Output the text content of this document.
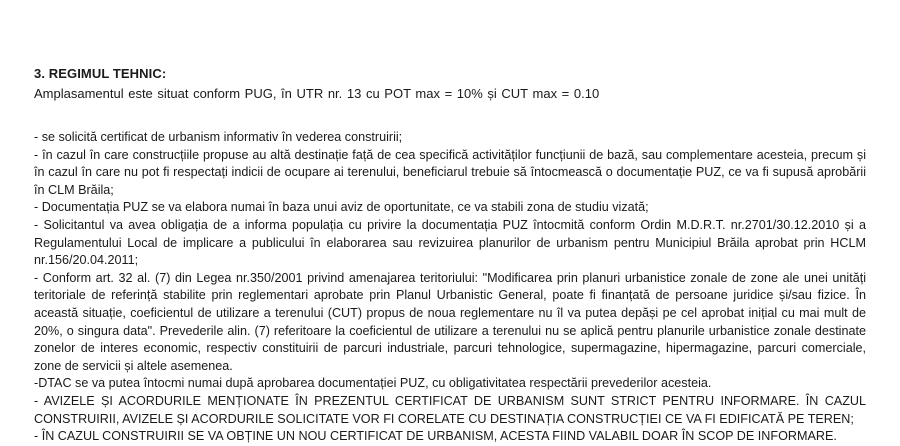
3. REGIMUL TEHNIC:
Amplasamentul este situat conform PUG, în UTR nr. 13 cu POT max = 10% și CUT max = 0.10

- se solicită certificat de urbanism informativ în vederea construirii;

- în cazul în care construcțiile propuse au altă destinație față de cea specifică activităților funcțiunii de bază, sau complementare acesteia, precum și în cazul în care nu pot fi respectați indicii de ocupare ai terenului, beneficiarul trebuie să întocmească o documentație PUZ, ce va fi supusă aprobării în CLM Brăila;

- Documentația PUZ se va elabora numai în baza unui aviz de oportunitate, ce va stabili zona de studiu vizată;

- Solicitantul va avea obligația de a informa populația cu privire la documentația PUZ întocmită conform Ordin M.D.R.T. nr.2701/30.12.2010 și a Regulamentului Local de implicare a publicului în elaborarea sau revizuirea planurilor de urbanism pentru Municipiul Brăila aprobat prin HCLM nr.156/20.04.2011;

- Conform art. 32 al. (7) din Legea nr.350/2001 privind amenajarea teritoriului: "Modificarea prin planuri urbanistice zonale de zone ale unei unități teritoriale de referință stabilite prin reglementari aprobate prin Planul Urbanistic General, poate fi finanțată de persoane juridice și/sau fizice. În această situație, coeficientul de utilizare a terenului (CUT) propus de noua reglementare nu îl va putea depăși pe cel aprobat inițial cu mai mult de 20%, o singura data". Prevederile alin. (7) referitoare la coeficientul de utilizare a terenului nu se aplică pentru planurile urbanistice zonale destinate zonelor de interes economic, respectiv constituirii de parcuri industriale, parcuri tehnologice, supermagazine, hipermagazine, parcuri comerciale, zone de servicii și altele asemenea.

-DTAC se va putea întocmi numai după aprobarea documentației PUZ, cu obligativitatea respectării prevederilor acesteia.

- AVIZELE ȘI ACORDURILE MENȚIONATE ÎN PREZENTUL CERTIFICAT DE URBANISM SUNT STRICT PENTRU INFORMARE. ÎN CAZUL CONSTRUIRII, AVIZELE ȘI ACORDURILE SOLICITATE VOR FI CORELATE CU DESTINAȚIA CONSTRUCȚIEI CE VA FI EDIFICATĂ PE TEREN;

- ÎN CAZUL CONSTRUIRII SE VA OBȚINE UN NOU CERTIFICAT DE URBANISM, ACESTA FIIND VALABIL DOAR ÎN SCOP DE INFORMARE.
